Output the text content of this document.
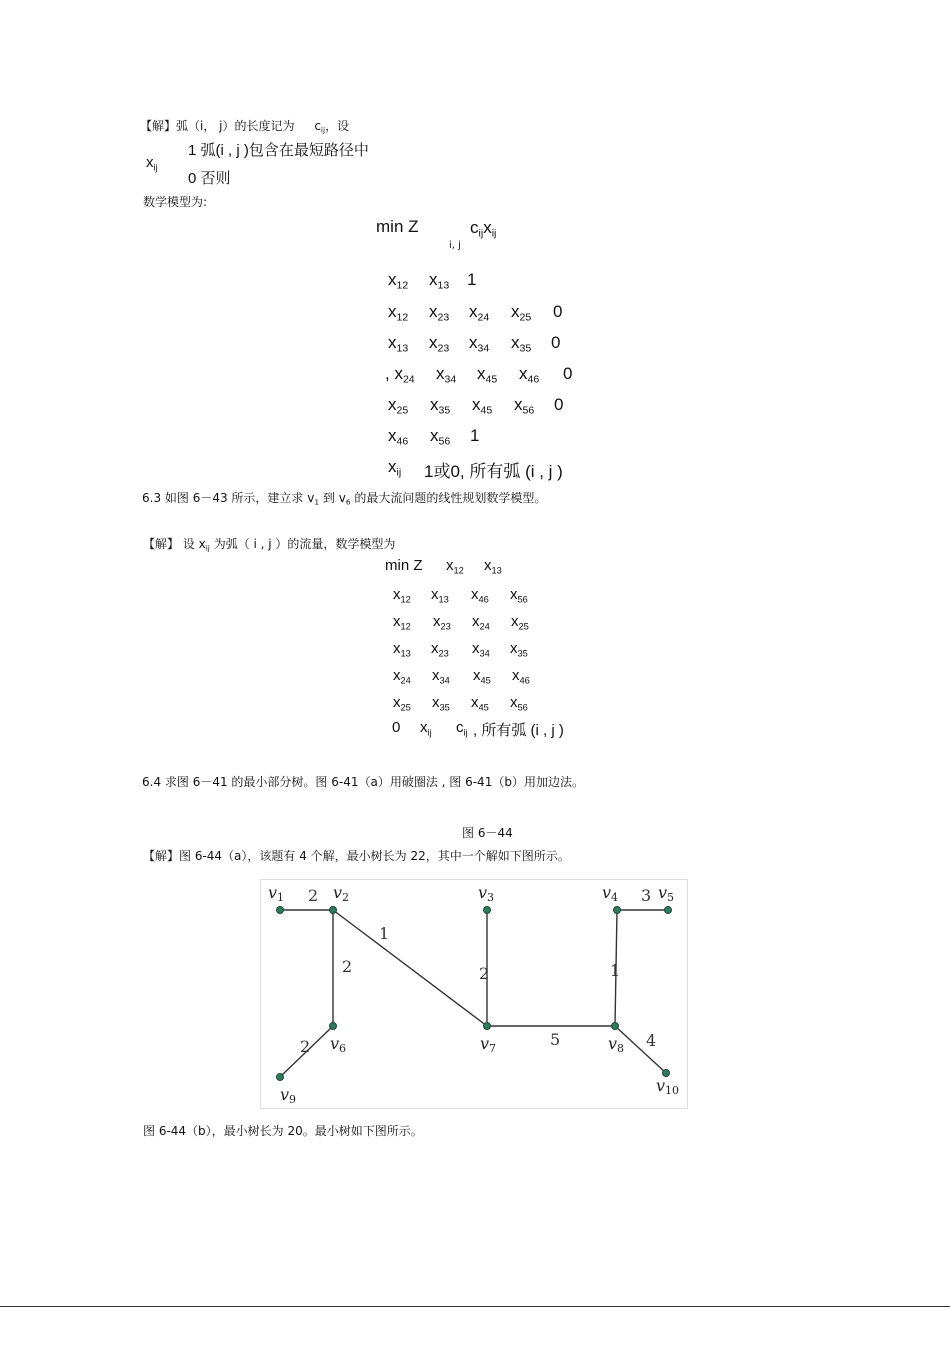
【解】弧（i， j）的长度记为 $c_{ij}$，设
$x_{ij}$
1 弧(i , j )包含在最短路径中
0 否则
数学模型为:
min Z	$c_{ij}x_{ij}$
i, j
$x_{12}$ $x_{13}$ 1
$x_{12}$ $x_{23}$ $x_{24}$ $x_{25}$ 0
$x_{13}$ $x_{23}$ $x_{34}$ $x_{35}$ 0
, $x_{24}$ $x_{34}$ $x_{45}$ $x_{46}$ 0
$x_{25}$ $x_{35}$ $x_{45}$ $x_{56}$ 0
$x_{46}$ $x_{56}$ 1
$x_{ij}$ 1或0, 所有弧 (i , j )
6.3 如图 6－43 所示，建立求 $v_1$ 到 $v_6$ 的最大流问题的线性规划数学模型。
【解】 设 $x_{ij}$ 为弧（ i , j ）的流量，数学模型为
min Z $x_{12}$ $x_{13}$
$x_{12}$ $x_{13}$ $x_{46}$ $x_{56}$
$x_{12}$ $x_{23}$ $x_{24}$ $x_{25}$
$x_{13}$ $x_{23}$ $x_{34}$ $x_{35}$
$x_{24}$ $x_{34}$ $x_{45}$ $x_{46}$
$x_{25}$ $x_{35}$ $x_{45}$ $x_{56}$
0 $x_{ij}$ $c_{ij}$ , 所有弧 (i , j )
6.4 求图 6－41 的最小部分树。图 6-41（a）用破圈法 , 图 6-41（b）用加边法。
图 6－44
【解】图 6-44（a），该题有 4 个解，最小树长为 22，其中一个解如下图所示。
2
1
2
2
2
5
1
3
4
v1	v2	v3	v4 v5
v6	v7	v8
v9
v10
图 6-44（b），最小树长为 20。最小树如下图所示。
